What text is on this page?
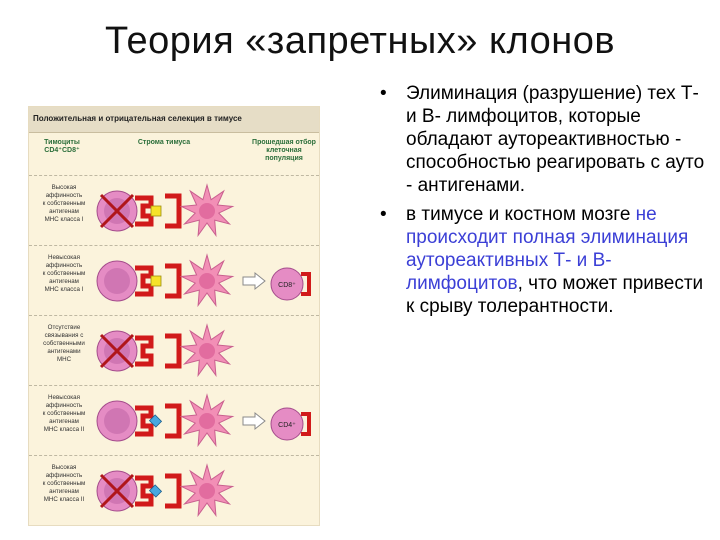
Теория «запретных» клонов
Положительная и отрицательная селекция в тимусе
Тимоциты CD4⁺CD8⁺
Строма тимуса	Прошедшая отбор клеточная популяция

Высокая

аффинность

к собственным

антигенам

МНС класса I

Невысокая

аффинность

к собственным

антигенам

МНС класса I

CD8⁺

Отсутствие

связывания с

собственными

антигенами

МНС

Невысокая

аффинность

к собственным

антигенам

МНС класса II

CD4⁺

Высокая

аффинность

к собственным

антигенам

МНС класса II

• Элиминация (разрушение) тех Т- и В- лимфоцитов, которые обладают аутореактивностью - способностью реагировать с ауто - антигенами.
• в тимусе и костном мозге не происходит полная элиминация аутореактивных Т- и В- лимфоцитов, что может привести к срыву толерантности.
